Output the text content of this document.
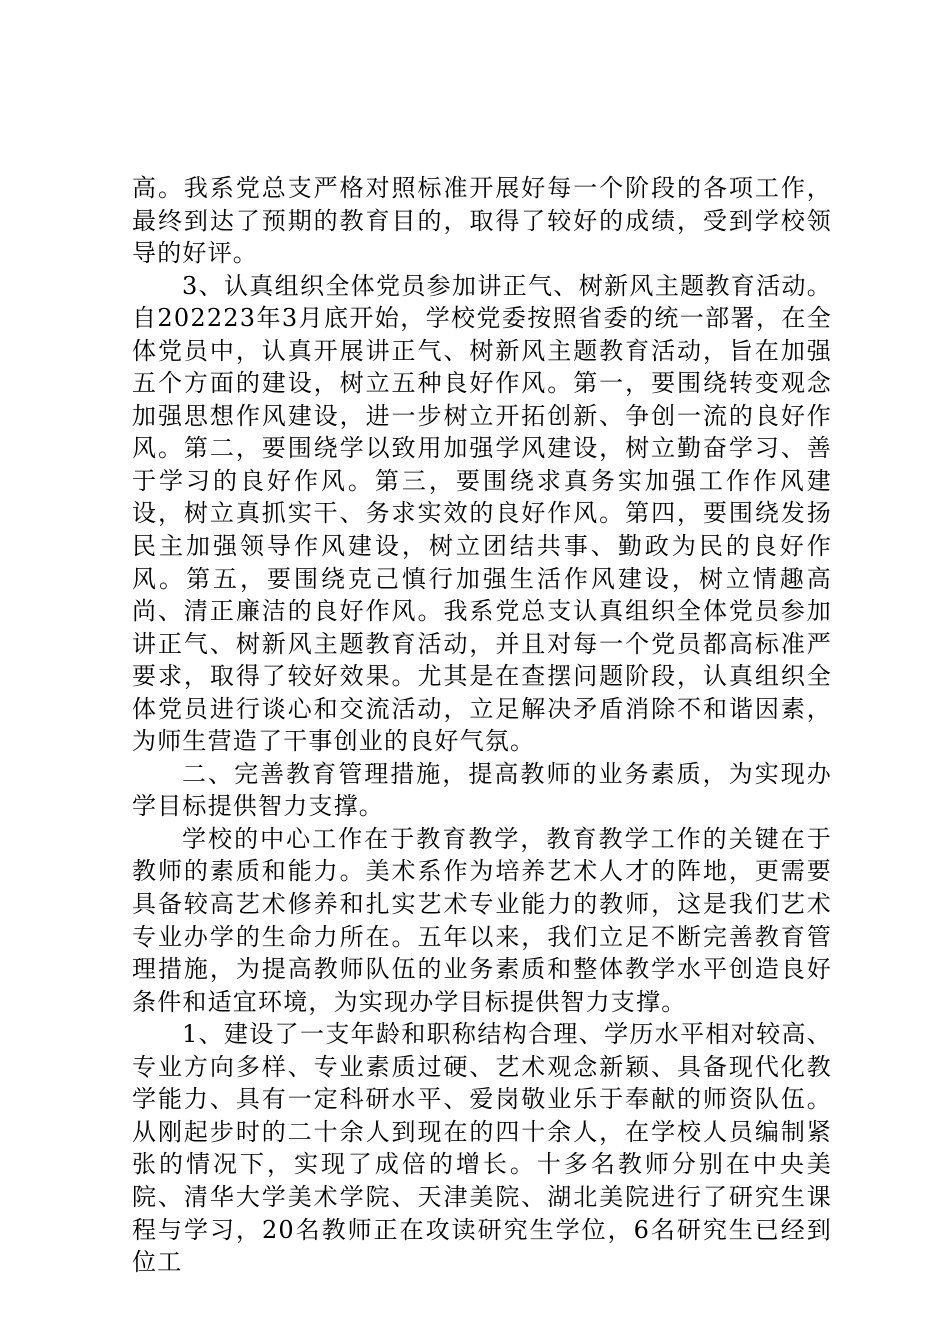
高。我系党总支严格对照标准开展好每一个阶段的各项工作，最终到达了预期的教育目的，取得了较好的成绩，受到学校领导的好评。

3、认真组织全体党员参加讲正气、树新风主题教育活动。自202223年3月底开始，学校党委按照省委的统一部署，在全体党员中，认真开展讲正气、树新风主题教育活动，旨在加强五个方面的建设，树立五种良好作风。第一，要围绕转变观念加强思想作风建设，进一步树立开拓创新、争创一流的良好作风。第二，要围绕学以致用加强学风建设，树立勤奋学习、善于学习的良好作风。第三，要围绕求真务实加强工作作风建设，树立真抓实干、务求实效的良好作风。第四，要围绕发扬民主加强领导作风建设，树立团结共事、勤政为民的良好作风。第五，要围绕克己慎行加强生活作风建设，树立情趣高尚、清正廉洁的良好作风。我系党总支认真组织全体党员参加讲正气、树新风主题教育活动，并且对每一个党员都高标准严要求，取得了较好效果。尤其是在查摆问题阶段，认真组织全体党员进行谈心和交流活动，立足解决矛盾消除不和谐因素，为师生营造了干事创业的良好气氛。

二、完善教育管理措施，提高教师的业务素质，为实现办学目标提供智力支撑。

学校的中心工作在于教育教学，教育教学工作的关键在于教师的素质和能力。美术系作为培养艺术人才的阵地，更需要具备较高艺术修养和扎实艺术专业能力的教师，这是我们艺术专业办学的生命力所在。五年以来，我们立足不断完善教育管理措施，为提高教师队伍的业务素质和整体教学水平创造良好条件和适宜环境，为实现办学目标提供智力支撑。

1、建设了一支年龄和职称结构合理、学历水平相对较高、专业方向多样、专业素质过硬、艺术观念新颖、具备现代化教学能力、具有一定科研水平、爱岗敬业乐于奉献的师资队伍。从刚起步时的二十余人到现在的四十余人，在学校人员编制紧张的情况下，实现了成倍的增长。十多名教师分别在中央美院、清华大学美术学院、天津美院、湖北美院进行了研究生课程与学习，20名教师正在攻读研究生学位，6名研究生已经到位工
